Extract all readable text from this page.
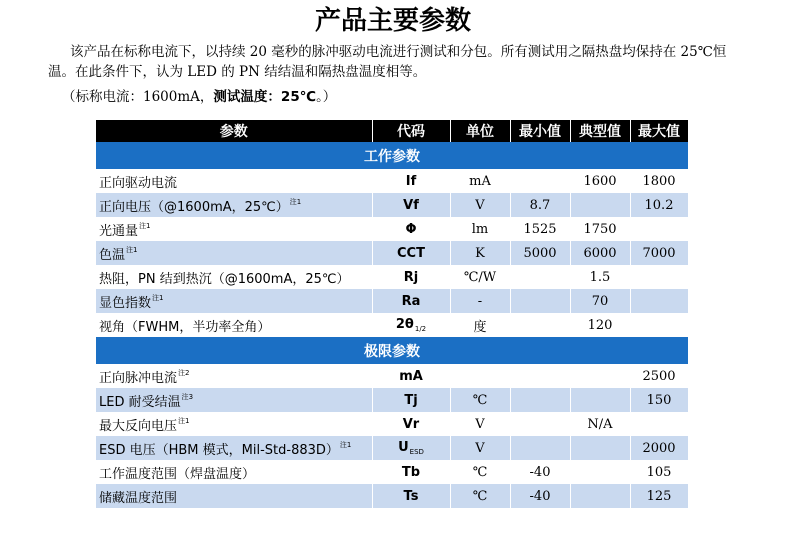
产品主要参数
该产品在标称电流下，以持续 20 毫秒的脉冲驱动电流进行测试和分包。所有测试用之隔热盘均保持在 25℃恒温。在此条件下，认为 LED 的 PN 结结温和隔热盘温度相等。
（标称电流：1600mA，测试温度：25℃。）
参数	代码	单位	最小值	典型值	最大值
工作参数					
正向驱动电流	If	mA		1600	1800
正向电压（@1600mA，25℃）$^{注1}$	Vf	V	8.7		10.2
光通量$^{注1}$	Φ	lm	1525	1750	
色温$^{注1}$	CCT	K	5000	6000	7000
热阻，PN 结到热沉（@1600mA，25℃）	Rj	℃/W		1.5	
显色指数$^{注1}$	Ra	-		70	
视角（FWHM，半功率全角）	$2\theta_{1/2}$	度		120	
极限参数					
正向脉冲电流$^{注2}$	mA				2500
LED 耐受结温$^{注3}$	Tj	℃			150
最大反向电压$^{注1}$	Vr	V		N/A	
ESD 电压（HBM 模式，Mil-Std-883D）$^{注1}$	$U_{ESD}$	V			2000
工作温度范围（焊盘温度）	Tb	℃	-40		105
储藏温度范围	Ts	℃	-40		125
